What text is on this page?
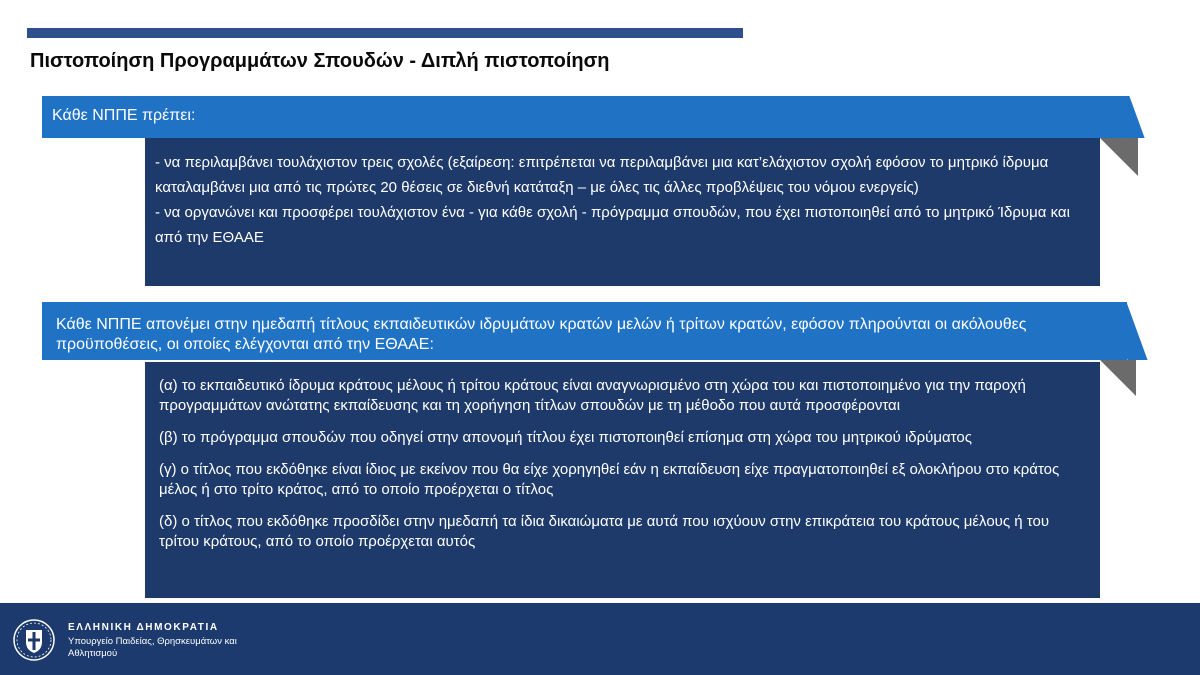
Πιστοποίηση Προγραμμάτων Σπουδών - Διπλή πιστοποίηση
Κάθε ΝΠΠΕ πρέπει:

- να περιλαμβάνει τουλάχιστον τρεις σχολές (εξαίρεση: επιτρέπεται να περιλαμβάνει μια κατ’ελάχιστον σχολή εφόσον το μητρικό ίδρυμα καταλαμβάνει μια από τις πρώτες 20 θέσεις σε διεθνή κατάταξη – με όλες τις άλλες προβλέψεις του νόμου ενεργείς)

- να οργανώνει και προσφέρει τουλάχιστον ένα - για κάθε σχολή - πρόγραμμα σπουδών, που έχει πιστοποιηθεί από το μητρικό Ίδρυμα και από την ΕΘΑΑΕ

Κάθε ΝΠΠΕ απονέμει στην ημεδαπή τίτλους εκπαιδευτικών ιδρυμάτων κρατών μελών ή τρίτων κρατών, εφόσον πληρούνται οι ακόλουθες προϋποθέσεις, οι οποίες ελέγχονται από την ΕΘΑΑΕ:

(α) το εκπαιδευτικό ίδρυμα κράτους μέλους ή τρίτου κράτους είναι αναγνωρισμένο στη χώρα του και πιστοποιημένο για την παροχή προγραμμάτων ανώτατης εκπαίδευσης και τη χορήγηση τίτλων σπουδών με τη μέθοδο που αυτά προσφέρονται

(β) το πρόγραμμα σπουδών που οδηγεί στην απονομή τίτλου έχει πιστοποιηθεί επίσημα στη χώρα του μητρικού ιδρύματος

(γ) ο τίτλος που εκδόθηκε είναι ίδιος με εκείνον που θα είχε χορηγηθεί εάν η εκπαίδευση είχε πραγματοποιηθεί εξ ολοκλήρου στο κράτος μέλος ή στο τρίτο κράτος, από το οποίο προέρχεται ο τίτλος

(δ) ο τίτλος που εκδόθηκε προσδίδει στην ημεδαπή τα ίδια δικαιώματα με αυτά που ισχύουν στην επικράτεια του κράτους μέλους ή του τρίτου κράτους, από το οποίο προέρχεται αυτός

ΕΛΛΗΝΙΚΗ ΔΗΜΟΚΡΑΤΙΑ
Υπουργείο Παιδείας, Θρησκευμάτων και Αθλητισμού
